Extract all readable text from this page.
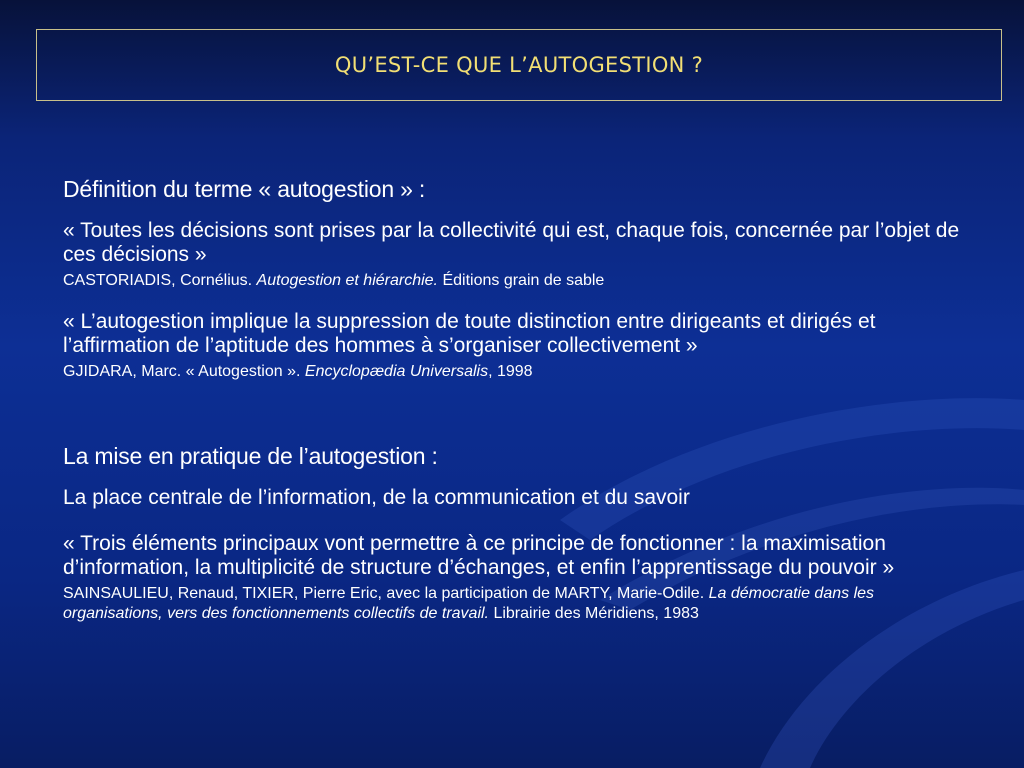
QU’EST-CE QUE L’AUTOGESTION ?

Définition du terme « autogestion » :

« Toutes les décisions sont prises par la collectivité qui est, chaque fois, concernée par l’objet de ces décisions »

CASTORIADIS, Cornélius. Autogestion et hiérarchie. Éditions grain de sable

« L’autogestion implique la suppression de toute distinction entre dirigeants et dirigés et l’affirmation de l’aptitude des hommes à s’organiser collectivement »

GJIDARA, Marc. « Autogestion ». Encyclopædia Universalis, 1998

La mise en pratique de l’autogestion :

La place centrale de l’information, de la communication et du savoir

« Trois éléments principaux vont permettre à ce principe de fonctionner : la maximisation d’information, la multiplicité de structure d’échanges, et enfin l’apprentissage du pouvoir »

SAINSAULIEU, Renaud, TIXIER, Pierre Eric, avec la participation de MARTY, Marie-Odile. La démocratie dans les organisations, vers des fonctionnements collectifs de travail. Librairie des Méridiens, 1983
